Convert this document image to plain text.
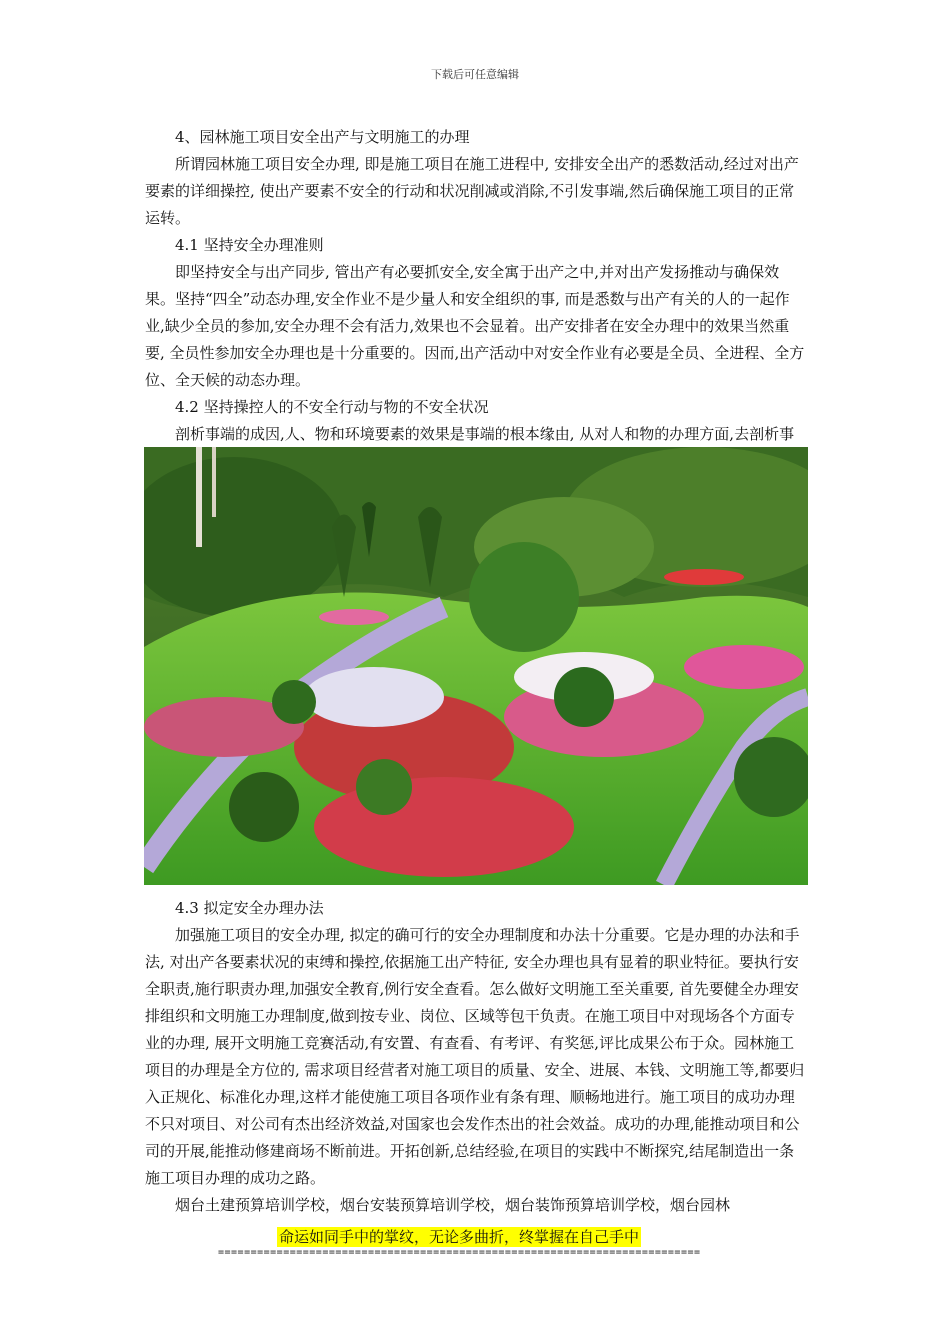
下载后可任意编辑

4、园林施工项目安全出产与文明施工的办理

所谓园林施工项目安全办理, 即是施工项目在施工进程中, 安排安全出产的悉数活动,经过对出产要素的详细操控, 使出产要素不安全的行动和状况削减或消除,不引发事端,然后确保施工项目的正常运转。

4.1 坚持安全办理准则

即坚持安全与出产同步, 管出产有必要抓安全,安全寓于出产之中,并对出产发扬推动与确保效果。坚持“四全”动态办理,安全作业不是少量人和安全组织的事, 而是悉数与出产有关的人的一起作业,缺少全员的参加,安全办理不会有活力,效果也不会显着。出产安排者在安全办理中的效果当然重要, 全员性参加安全办理也是十分重要的。因而,出产活动中对安全作业有必要是全员、全进程、全方位、全天候的动态办理。

4.2 坚持操控人的不安全行动与物的不安全状况

剖析事端的成因,人、物和环境要素的效果是事端的根本缘由, 从对人和物的办理方面,去剖析事

4.3 拟定安全办理办法

加强施工项目的安全办理, 拟定的确可行的安全办理制度和办法十分重要。它是办理的办法和手法, 对出产各要素状况的束缚和操控,依据施工出产特征, 安全办理也具有显着的职业特征。要执行安全职责,施行职责办理,加强安全教育,例行安全查看。怎么做好文明施工至关重要, 首先要健全办理安排组织和文明施工办理制度,做到按专业、岗位、区域等包干负责。在施工项目中对现场各个方面专业的办理, 展开文明施工竞赛活动,有安置、有查看、有考评、有奖惩,评比成果公布于众。园林施工项目的办理是全方位的, 需求项目经营者对施工项目的质量、安全、进展、本钱、文明施工等,都要归入正规化、标准化办理,这样才能使施工项目各项作业有条有理、顺畅地进行。施工项目的成功办理不只对项目、对公司有杰出经济效益,对国家也会发作杰出的社会效益。成功的办理,能推动项目和公司的开展,能推动修建商场不断前进。开拓创新,总结经验,在项目的实践中不断探究,结尾制造出一条施工项目办理的成功之路。

烟台土建预算培训学校，烟台安装预算培训学校，烟台装饰预算培训学校，烟台园林

命运如同手中的掌纹，无论多曲折，终掌握在自己手中
==========================================================================
